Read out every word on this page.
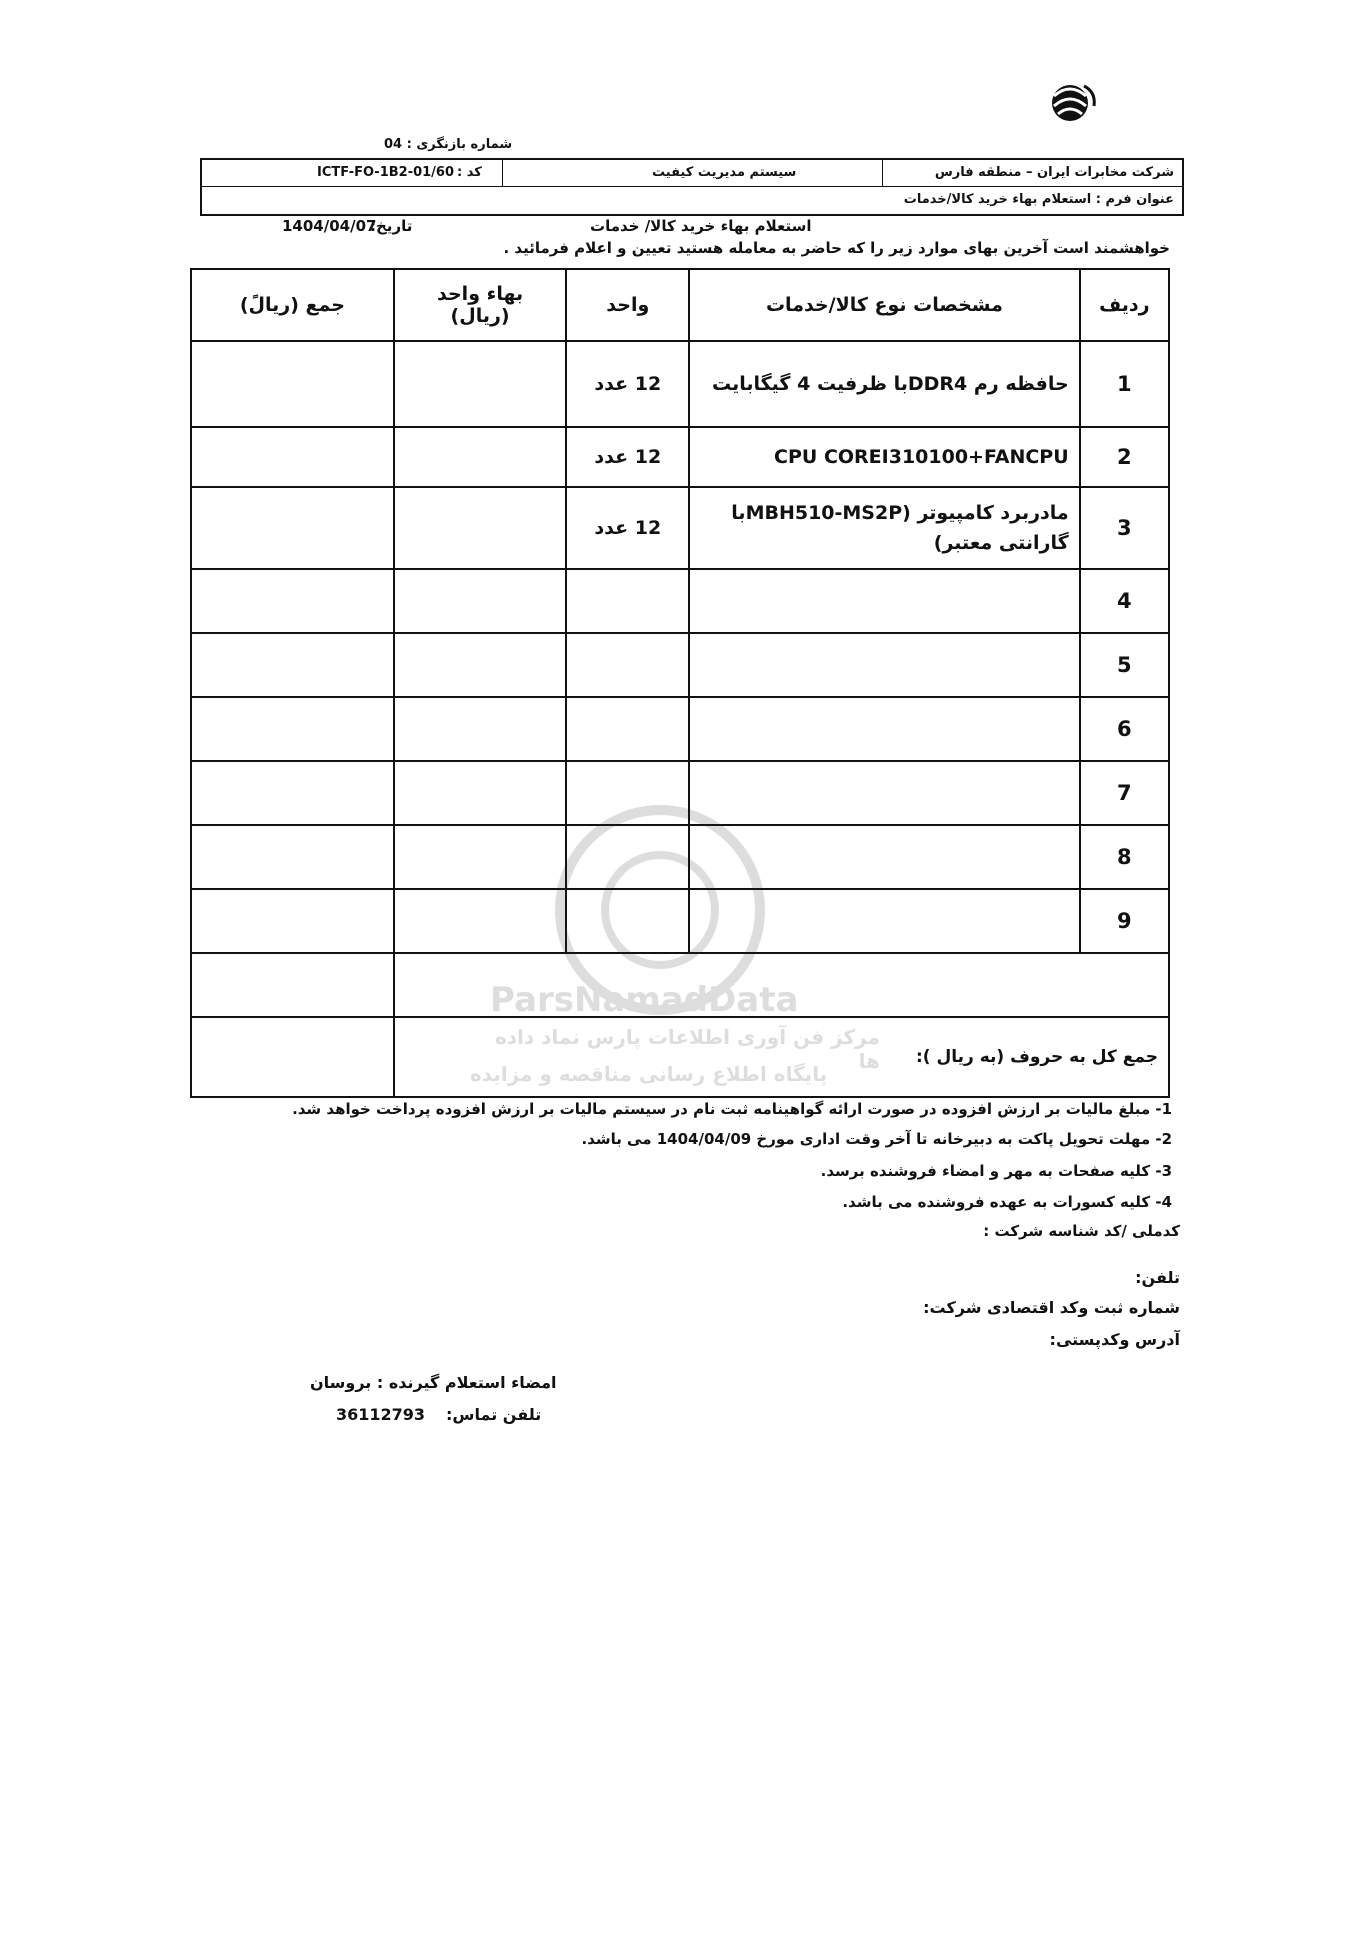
شماره بازنگری : 04
کد :
ICTF-FO-1B2-01/60	سیستم مدیریت کیفیت	شرکت مخابرات ایران – منطقه فارس
عنوان فرم : استعلام بهاء خرید کالا/خدمات
استعلام بهاء خرید کالا/ خدمات
تاریخ:
1404/04/07
خواهشمند است آخرین بهای موارد زیر را که حاضر به معامله هستید تعیین و اعلام فرمائید .
ردیف	مشخصات نوع کالا/خدمات	واحد	بهاء واحد (ریال)	جمع (ریالً)
1	حافظه رم DDR4با ظرفیت 4 گیگابایت	12 عدد		
2	CPU COREI310100+FANCPU	12 عدد		
3	مادربرد کامپیوتر (MBH510-MS2Pبا گارانتی معتبر)	12 عدد		
4				
5				
6				
7				
8				
9				

جمع کل به حروف (به ریال ):				
ParsNamadData
مرکز فن آوری اطلاعات پارس نماد داده ها
پایگاه اطلاع رسانی مناقصه و مزایده
1- مبلغ مالیات بر ارزش افزوده در صورت ارائه گواهینامه ثبت نام در سیستم مالیات بر ارزش افزوده پرداخت خواهد شد.
2- مهلت تحویل پاکت به دبیرخانه تا آخر وقت اداری مورخ 1404/04/09 می باشد.
3- کلیه صفحات به مهر و امضاء فروشنده برسد.
4- کلیه کسورات به عهده فروشنده می باشد.
کدملی /کد شناسه شرکت :
تلفن:
شماره ثبت وکد اقتصادی شرکت:
آدرس وکدپستی:
امضاء استعلام گیرنده : بروسان
تلفن تماس:
36112793
